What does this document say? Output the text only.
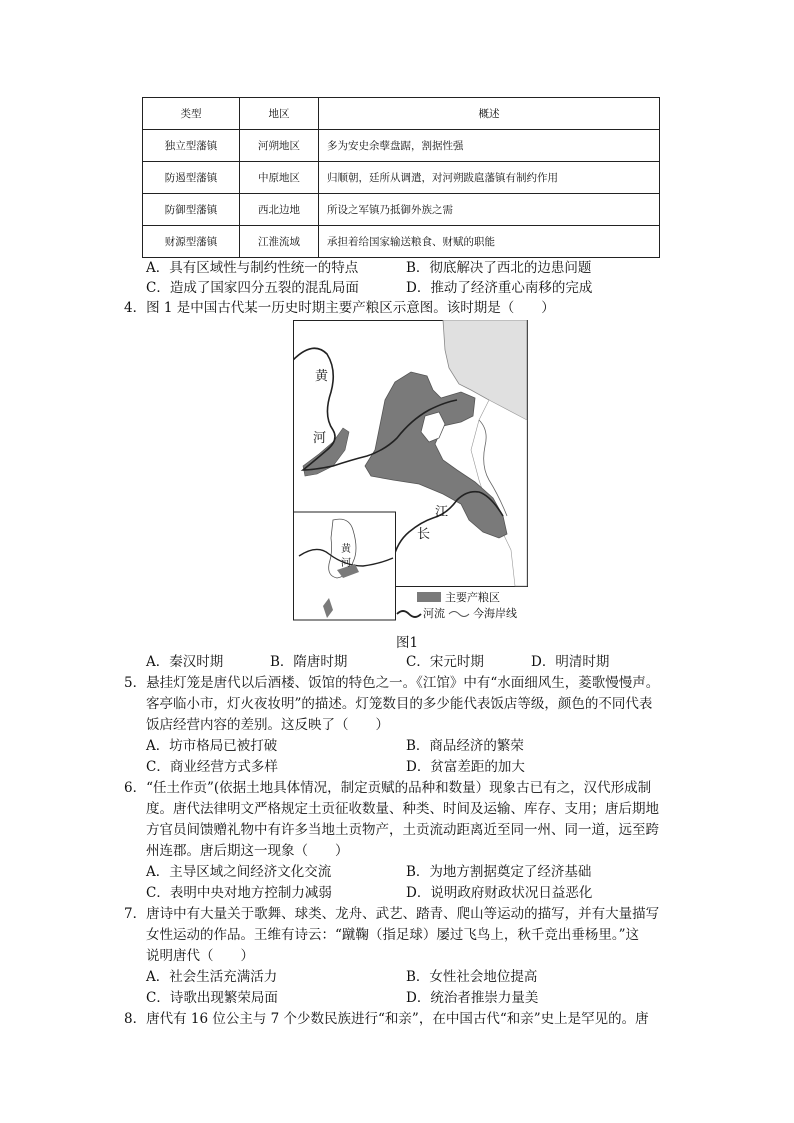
类型	地区	概述
独立型藩镇	河朔地区	多为安史余孽盘踞，割据性强
防遏型藩镇	中原地区	归顺朝，廷所从调遣，对河朔跋扈藩镇有制约作用
防御型藩镇	西北边地	所设之军镇乃抵御外族之需
财源型藩镇	江淮流域	承担着给国家输送粮食、财赋的职能
A．具有区域性与制约性统一的特点	B．彻底解决了西北的边患问题
C．造成了国家四分五裂的混乱局面	D．推动了经济重心南移的完成
4．图 1 是中国古代某一历史时期主要产粮区示意图。该时期是（　　）
黄
河
江
长
黄
河
主要产粮区
河流	今海岸线
图1
A．秦汉时期	B．隋唐时期	C．宋元时期	D．明清时期
5．悬挂灯笼是唐代以后酒楼、饭馆的特色之一。《江馆》中有“水面细风生，菱歌慢慢声。
客亭临小市，灯火夜妆明”的描述。灯笼数目的多少能代表饭店等级，颜色的不同代表
饭店经营内容的差别。这反映了（　　）
A．坊市格局已被打破	B．商品经济的繁荣
C．商业经营方式多样	D．贫富差距的加大
6．“任土作贡”(依据土地具体情况，制定贡赋的品种和数量）现象古已有之，汉代形成制
度。唐代法律明文严格规定土贡征收数量、种类、时间及运输、库存、支用；唐后期地
方官员间馈赠礼物中有许多当地土贡物产，土贡流动距离近至同一州、同一道，远至跨
州连郡。唐后期这一现象（　　）
A．主导区域之间经济文化交流	B．为地方割据奠定了经济基础
C．表明中央对地方控制力减弱	D．说明政府财政状况日益恶化
7．唐诗中有大量关于歌舞、球类、龙舟、武艺、踏青、爬山等运动的描写，并有大量描写
女性运动的作品。王维有诗云：“蹴鞠（指足球）屡过飞鸟上，秋千竞出垂杨里。”这
说明唐代（　　）
A．社会生活充满活力	B．女性社会地位提高
C．诗歌出现繁荣局面	D．统治者推崇力量美
8．唐代有 16 位公主与 7 个少数民族进行“和亲”，在中国古代“和亲”史上是罕见的。唐
